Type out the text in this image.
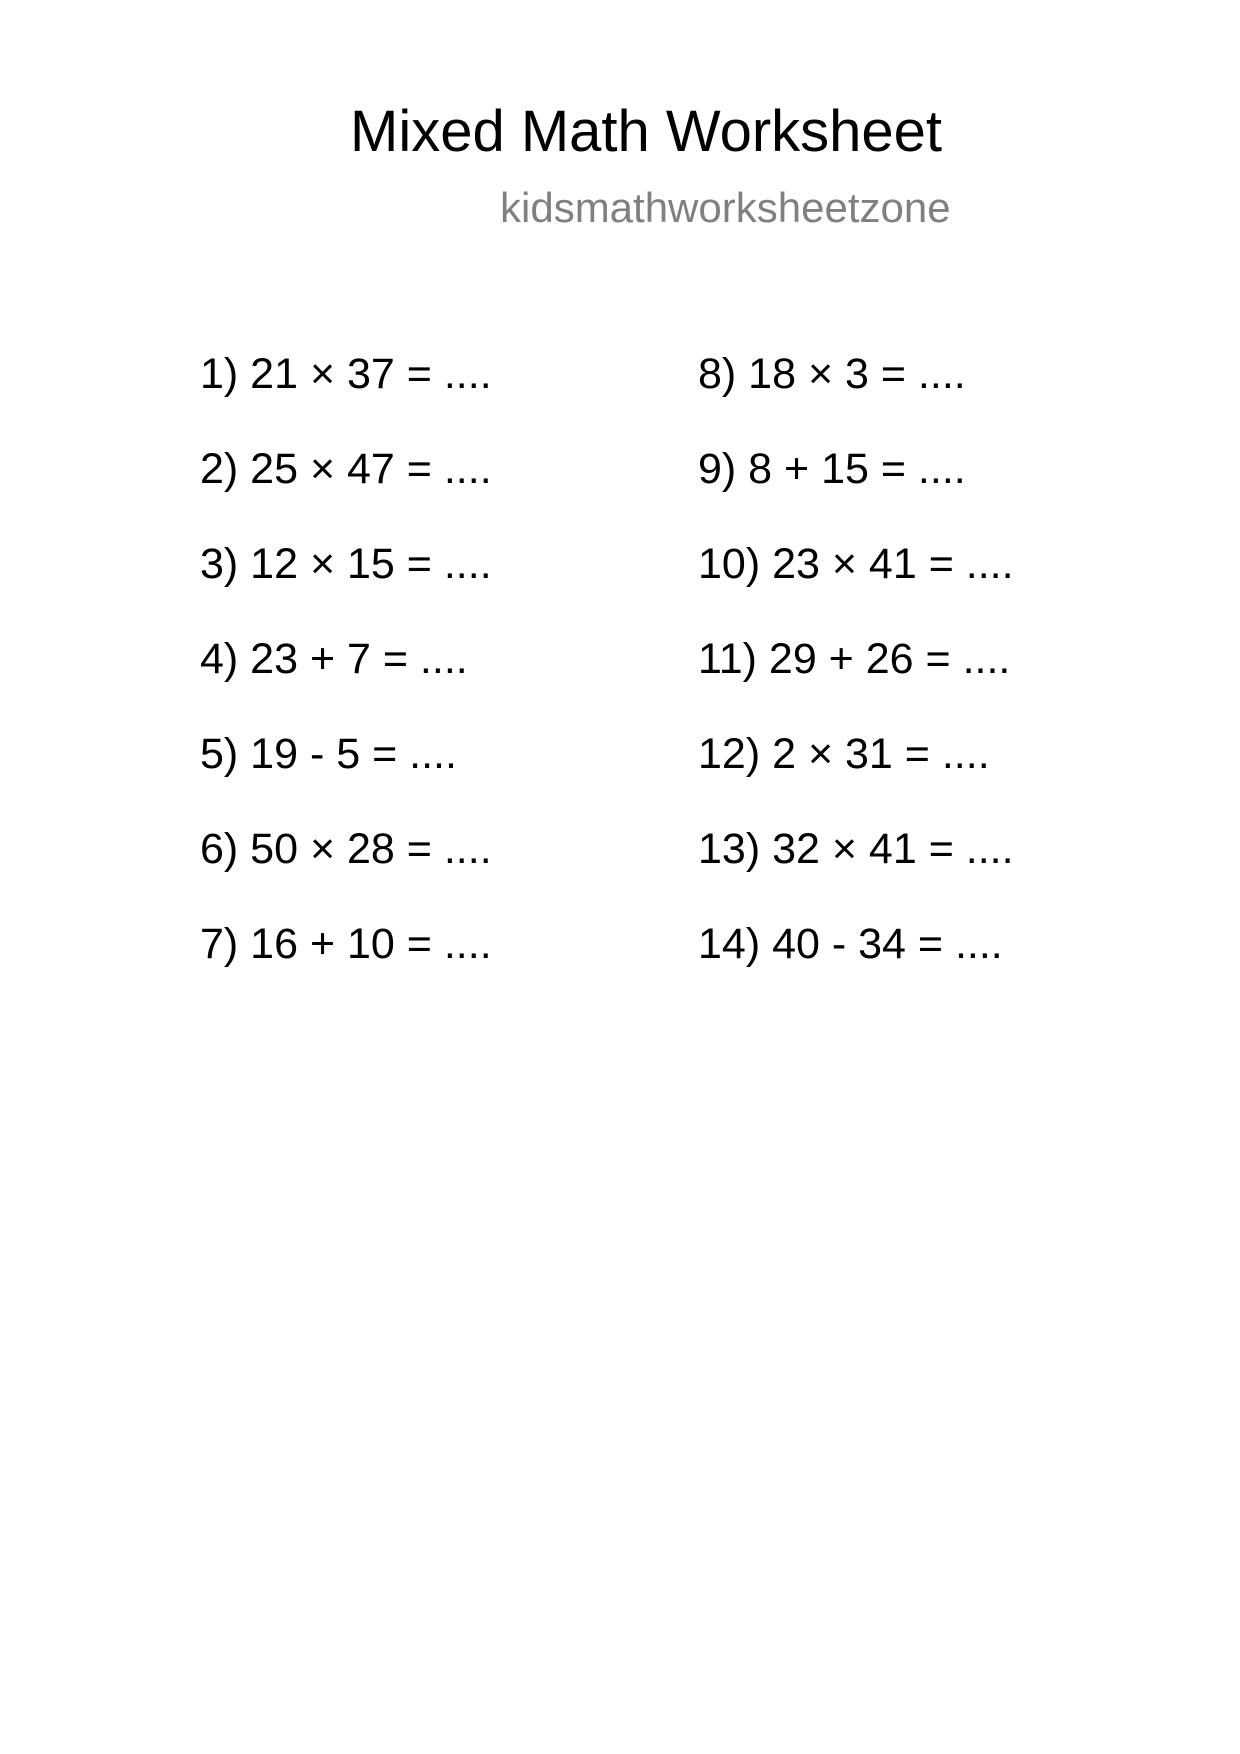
Mixed Math Worksheet
kidsmathworksheetzone
1) 21 × 37 = ....
2) 25 × 47 = ....
3) 12 × 15 = ....
4) 23 + 7 = ....
5) 19 - 5 = ....
6) 50 × 28 = ....
7) 16 + 10 = ....
8) 18 × 3 = ....
9) 8 + 15 = ....
10) 23 × 41 = ....
11) 29 + 26 = ....
12) 2 × 31 = ....
13) 32 × 41 = ....
14) 40 - 34 = ....
